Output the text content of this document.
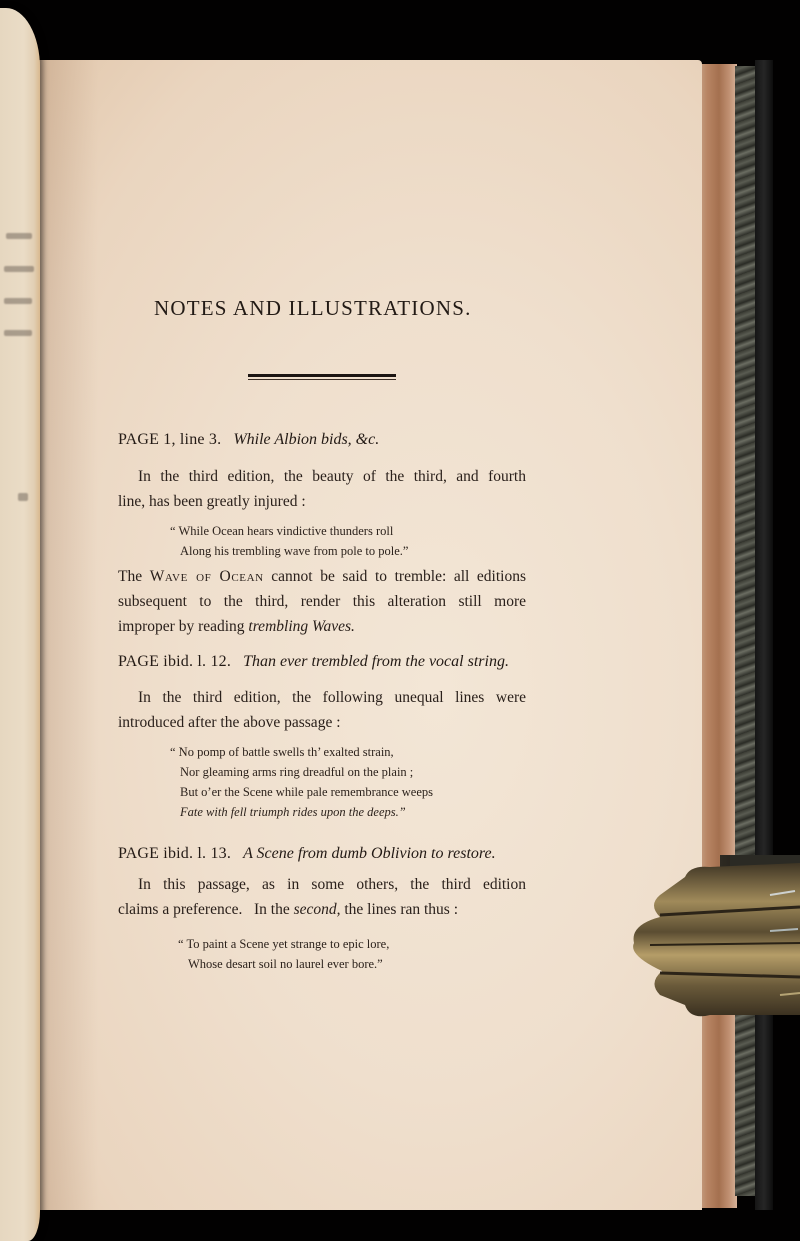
NOTES AND ILLUSTRATIONS.
PAGE 1, line 3. While Albion bids, &c.
In the third edition, the beauty of the third, and fourth
line, has been greatly injured :
“ While Ocean hears vindictive thunders roll
Along his trembling wave from pole to pole.”
The Wave of Ocean cannot be said to tremble: all editions
subsequent to the third, render this alteration still more
improper by reading trembling Waves.
PAGE ibid. l. 12. Than ever trembled from the vocal string.
In the third edition, the following unequal lines were
introduced after the above passage :
“ No pomp of battle swells th’ exalted strain,
Nor gleaming arms ring dreadful on the plain ;
But o’er the Scene while pale remembrance weeps
Fate with fell triumph rides upon the deeps.”
PAGE ibid. l. 13. A Scene from dumb Oblivion to restore.
In this passage, as in some others, the third edition
claims a preference.   In the second, the lines ran thus :
“ To paint a Scene yet strange to epic lore,
Whose desart soil no laurel ever bore.”
